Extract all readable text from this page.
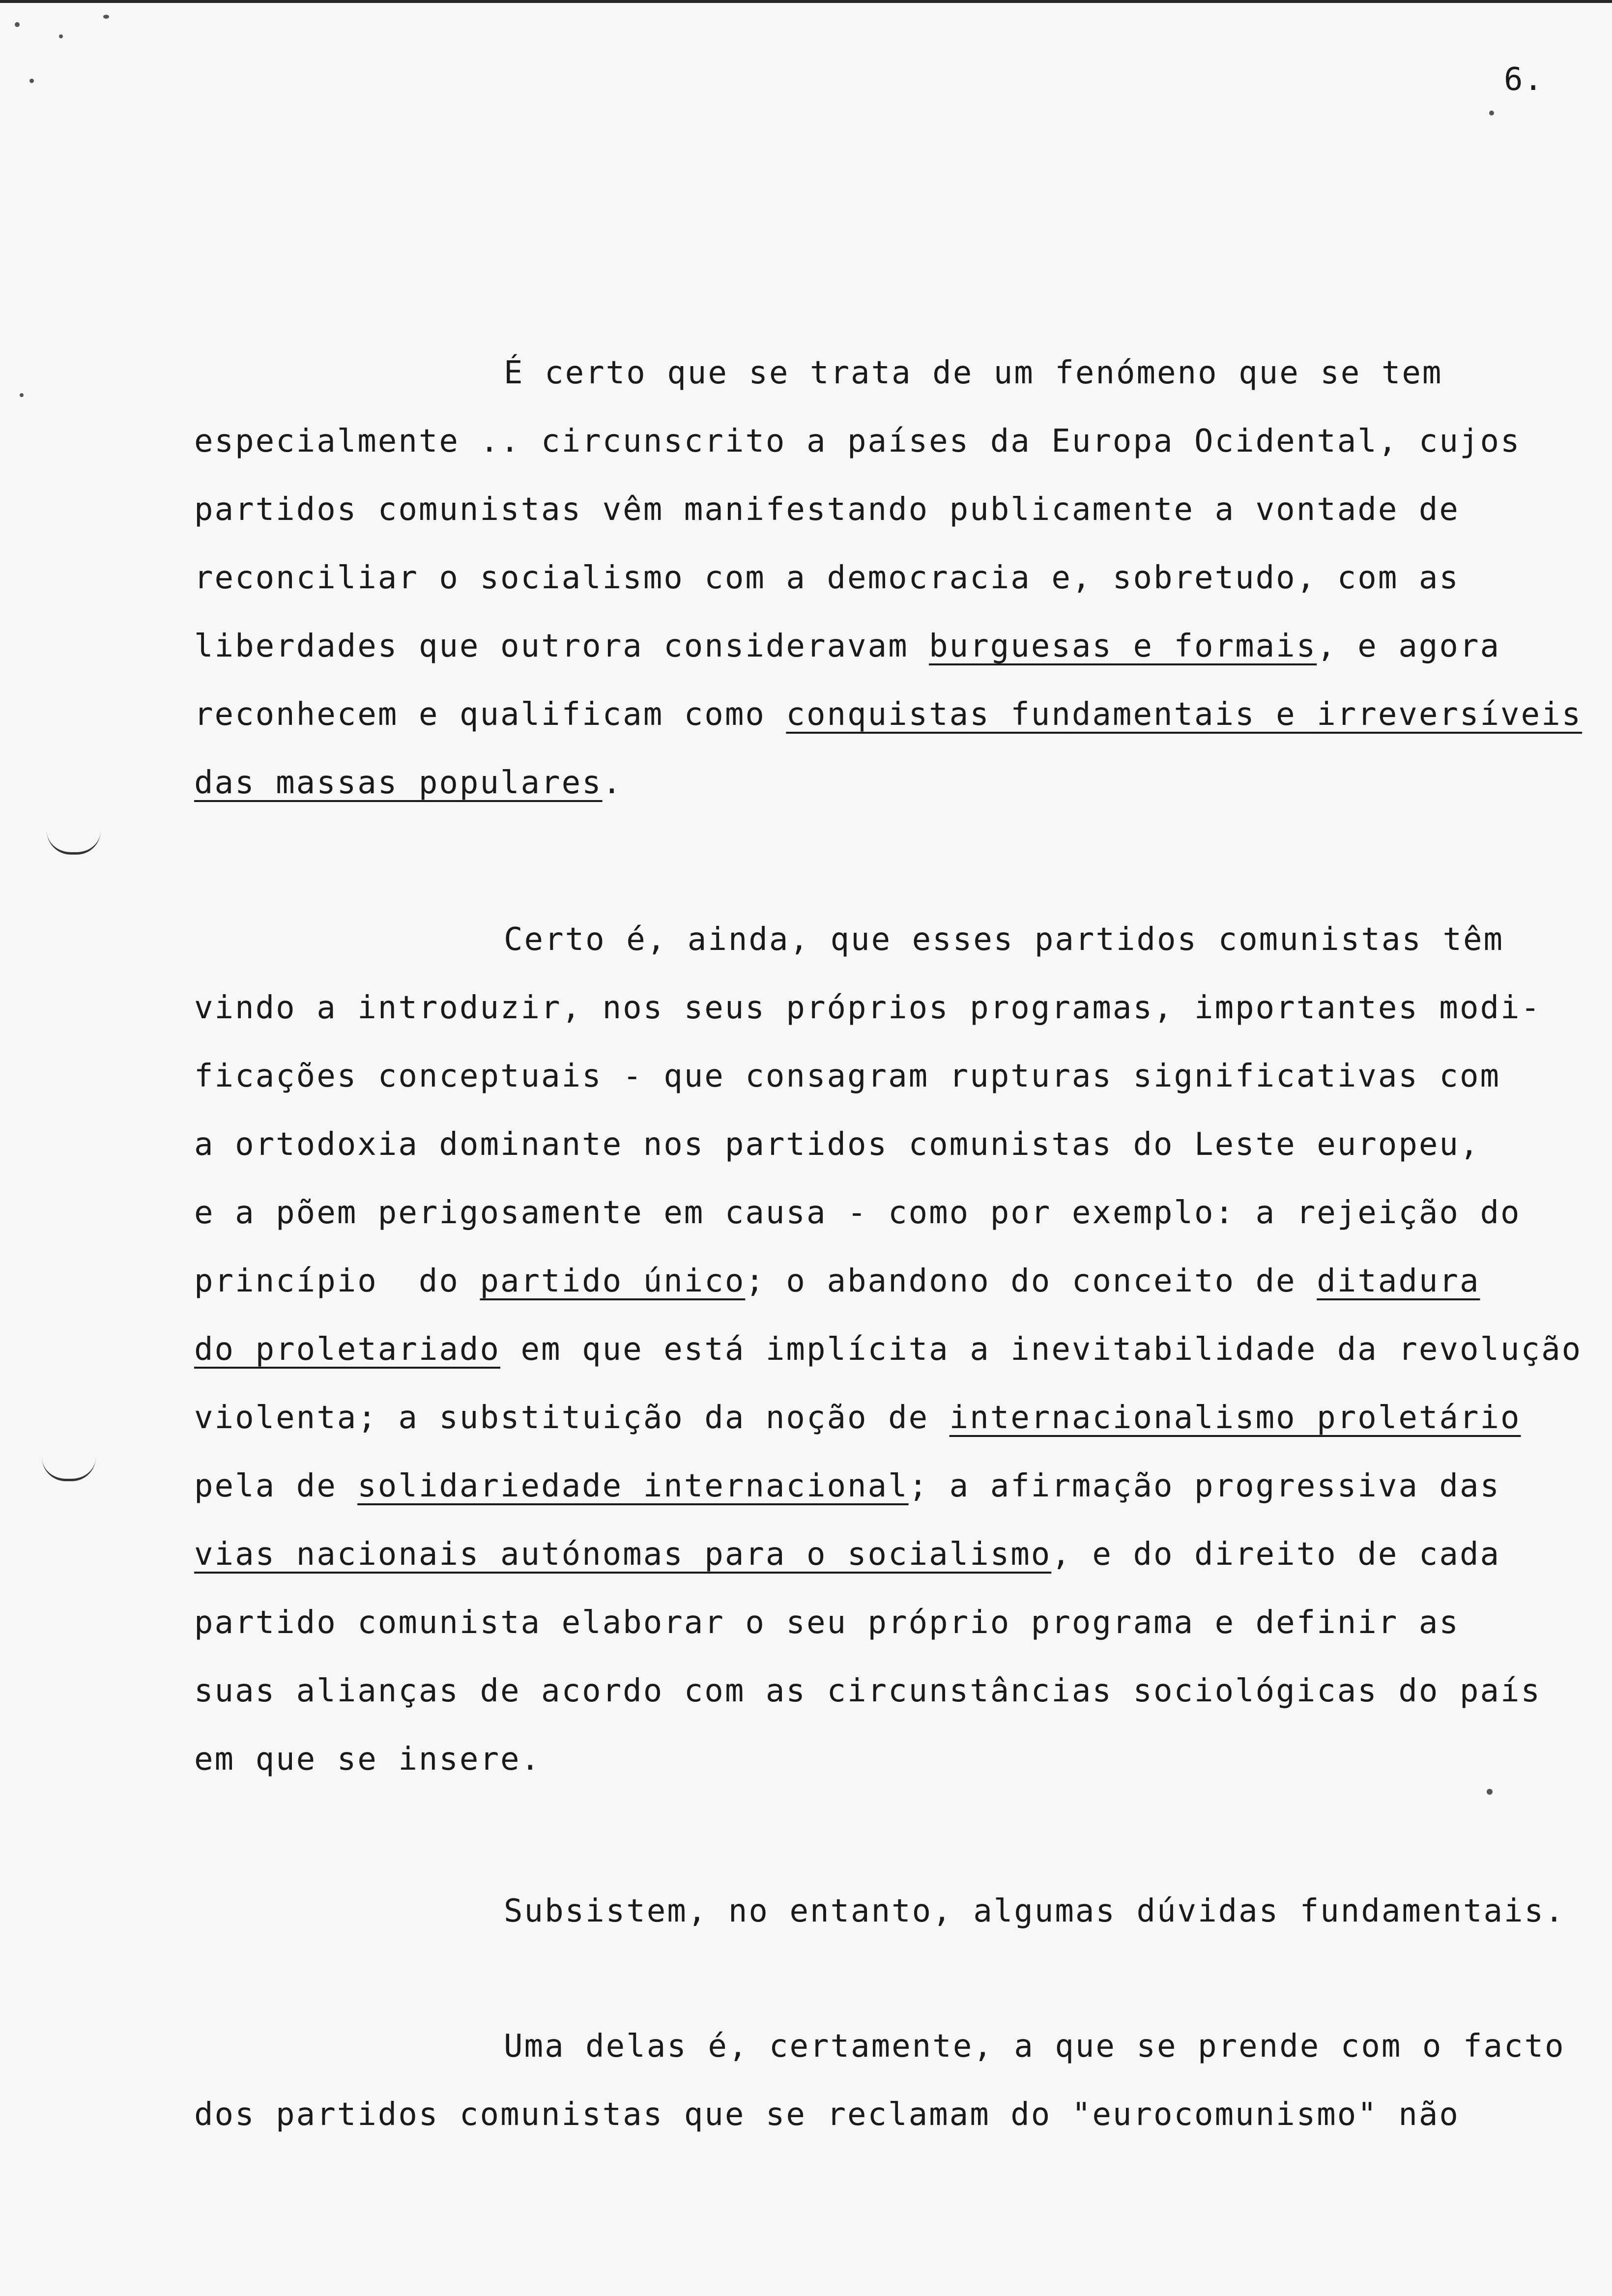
6.

É certo que se trata de um fenómeno que se tem
especialmente .. circunscrito a países da Europa Ocidental, cujos
partidos comunistas vêm manifestando publicamente a vontade de
reconciliar o socialismo com a democracia e, sobretudo, com as
liberdades que outrora consideravam burguesas e formais, e agora
reconhecem e qualificam como conquistas fundamentais e irreversíveis
das massas populares.

Certo é, ainda, que esses partidos comunistas têm
vindo a introduzir, nos seus próprios programas, importantes modi-
ficações conceptuais - que consagram rupturas significativas com
a ortodoxia dominante nos partidos comunistas do Leste europeu,
e a põem perigosamente em causa - como por exemplo: a rejeição do
princípio  do partido único; o abandono do conceito de ditadura
do proletariado em que está implícita a inevitabilidade da revolução
violenta; a substituição da noção de internacionalismo proletário
pela de solidariedade internacional; a afirmação progressiva das
vias nacionais autónomas para o socialismo, e do direito de cada
partido comunista elaborar o seu próprio programa e definir as
suas alianças de acordo com as circunstâncias sociológicas do país
em que se insere.

Subsistem, no entanto, algumas dúvidas fundamentais.

Uma delas é, certamente, a que se prende com o facto
dos partidos comunistas que se reclamam do "eurocomunismo" não
